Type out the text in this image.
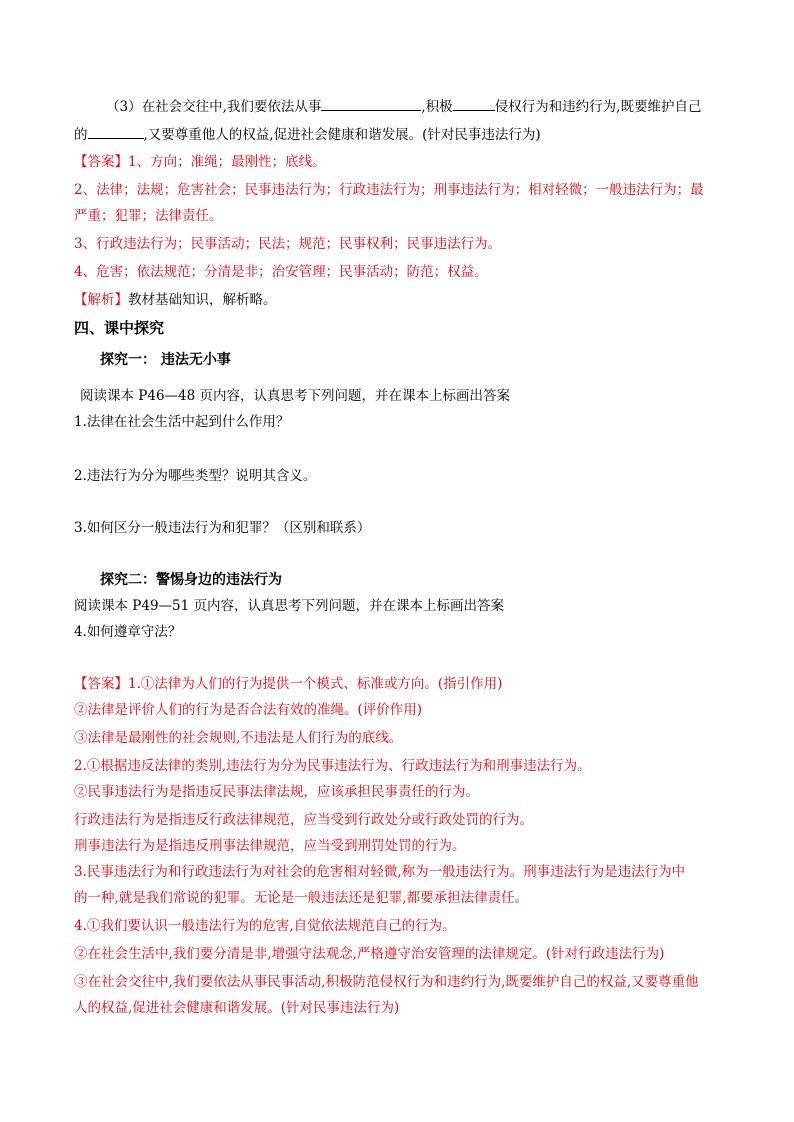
（3）在社会交往中,我们要依法从事	,积极	侵权行为和违约行为,既要维护自己
的	,又要尊重他人的权益,促进社会健康和谐发展。(针对民事违法行为)
【答案】1、方向；准绳；最刚性；底线。
2、法律；法规；危害社会；民事违法行为；行政违法行为；刑事违法行为；相对轻微；一般违法行为；最
严重；犯罪；法律责任。
3、行政违法行为；民事活动；民法；规范；民事权利；民事违法行为。
4、危害；依法规范；分清是非；治安管理；民事活动；防范；权益。
【解析】教材基础知识，解析略。
四、课中探究
探究一： 违法无小事
阅读课本 P46—48 页内容，认真思考下列问题，并在课本上标画出答案
1.法律在社会生活中起到什么作用？
2.违法行为分为哪些类型？说明其含义。
3.如何区分一般违法行为和犯罪？（区别和联系）
探究二：警惕身边的违法行为
阅读课本 P49—51 页内容，认真思考下列问题，并在课本上标画出答案
4.如何遵章守法？
【答案】1.①法律为人们的行为提供一个模式、标准或方向。(指引作用)
②法律是评价人们的行为是否合法有效的准绳。(评价作用)
③法律是最刚性的社会规则,不违法是人们行为的底线。
2.①根据违反法律的类别,违法行为分为民事违法行为、行政违法行为和刑事违法行为。
②民事违法行为是指违反民事法律法规，应该承担民事责任的行为。
行政违法行为是指违反行政法律规范，应当受到行政处分或行政处罚的行为。
刑事违法行为是指违反刑事法律规范，应当受到刑罚处罚的行为。
3.民事违法行为和行政违法行为对社会的危害相对轻微,称为一般违法行为。刑事违法行为是违法行为中
的一种,就是我们常说的犯罪。无论是一般违法还是犯罪,都要承担法律责任。
4.①我们要认识一般违法行为的危害,自觉依法规范自己的行为。
②在社会生活中,我们要分清是非,增强守法观念,严格遵守治安管理的法律规定。(针对行政违法行为)
③在社会交往中,我们要依法从事民事活动,积极防范侵权行为和违约行为,既要维护自己的权益,又要尊重他
人的权益,促进社会健康和谐发展。(针对民事违法行为)
